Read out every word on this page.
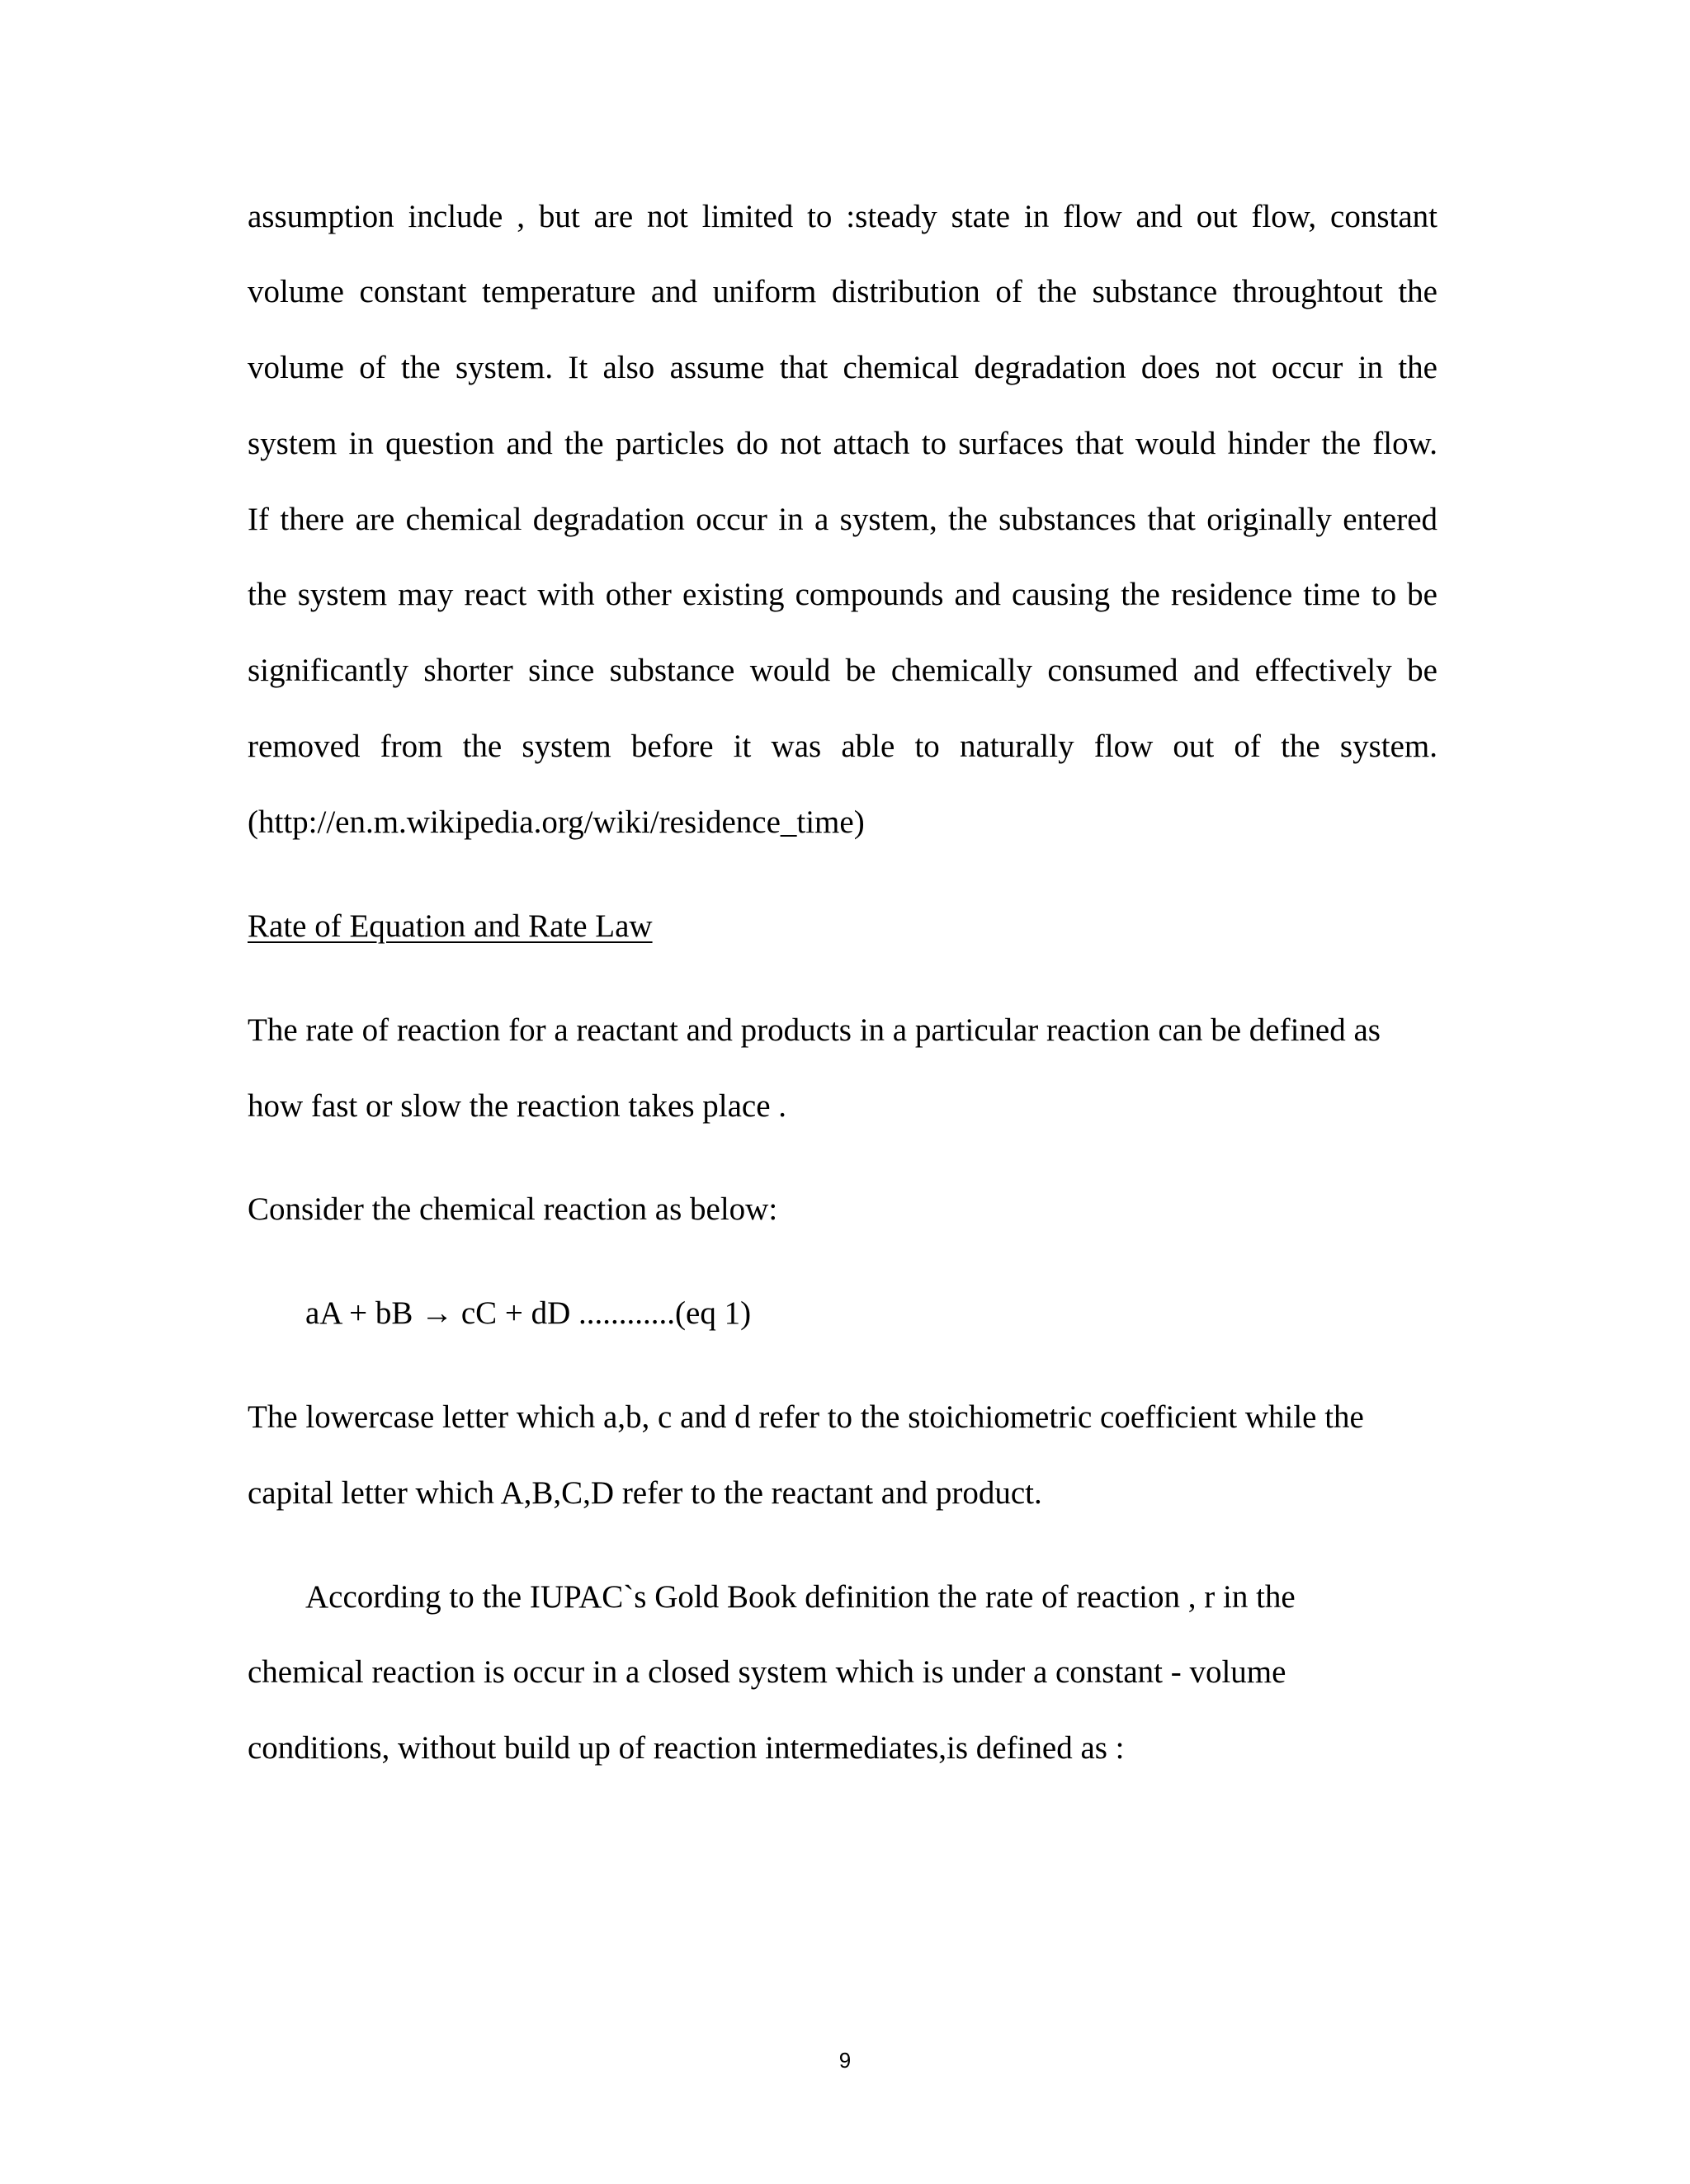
assumption include , but are not limited to :steady state in flow and out flow, constant
volume constant temperature and uniform distribution of the substance throughtout the
volume of the system. It also assume that chemical degradation does not occur in the
system in question and the particles do not attach to surfaces that would hinder the flow.
If there are chemical degradation occur in a system, the substances that originally entered
the system may react with other existing compounds and causing the residence time to be
significantly shorter since substance would be chemically consumed and effectively be
removed from the system before it was able to naturally flow out of the system.
(http://en.m.wikipedia.org/wiki/residence_time)
Rate of Equation and Rate Law
The rate of reaction for a reactant and products in a particular reaction can be defined as
how fast or slow the reaction takes place .
Consider the chemical reaction as below:
aA + bB → cC + dD ............(eq 1)
The lowercase letter which a,b, c and d refer to the stoichiometric coefficient while the
capital letter which A,B,C,D refer to the reactant and product.
According to the IUPAC`s Gold Book definition the rate of reaction , r in the
chemical reaction is occur in a closed system which is under a constant - volume
conditions, without build up of reaction intermediates,is defined as :
9
